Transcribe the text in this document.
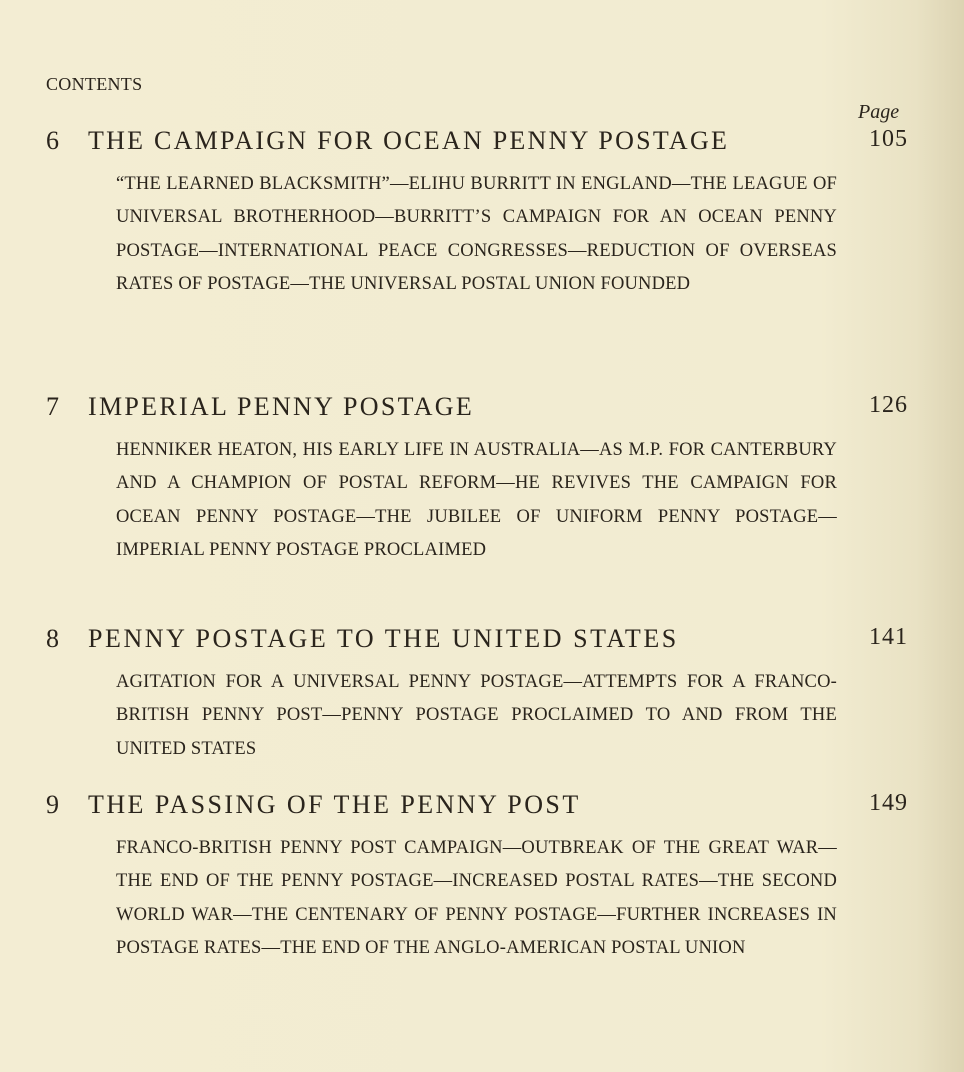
CONTENTS
Page
6 THE CAMPAIGN FOR OCEAN PENNY POSTAGE	105
“THE LEARNED BLACKSMITH”—ELIHU BURRITT IN ENGLAND—THE LEAGUE OF UNIVERSAL BROTHERHOOD—BURRITT’S CAMPAIGN FOR AN OCEAN PENNY POSTAGE—INTERNATIONAL PEACE CONGRESSES—REDUCTION OF OVERSEAS RATES OF POSTAGE—THE UNIVERSAL POSTAL UNION FOUNDED
7 IMPERIAL PENNY POSTAGE	126
HENNIKER HEATON, HIS EARLY LIFE IN AUSTRALIA—AS M.P. FOR CANTERBURY AND A CHAMPION OF POSTAL REFORM—HE REVIVES THE CAMPAIGN FOR OCEAN PENNY POSTAGE—THE JUBILEE OF UNIFORM PENNY POSTAGE—IMPERIAL PENNY POSTAGE PROCLAIMED
8 PENNY POSTAGE TO THE UNITED STATES	141
AGITATION FOR A UNIVERSAL PENNY POSTAGE—ATTEMPTS FOR A FRANCO-BRITISH PENNY POST—PENNY POSTAGE PROCLAIMED TO AND FROM THE UNITED STATES
9 THE PASSING OF THE PENNY POST	149
FRANCO-BRITISH PENNY POST CAMPAIGN—OUTBREAK OF THE GREAT WAR—THE END OF THE PENNY POSTAGE—INCREASED POSTAL RATES—THE SECOND WORLD WAR—THE CENTENARY OF PENNY POSTAGE—FURTHER INCREASES IN POSTAGE RATES—THE END OF THE ANGLO-AMERICAN POSTAL UNION
